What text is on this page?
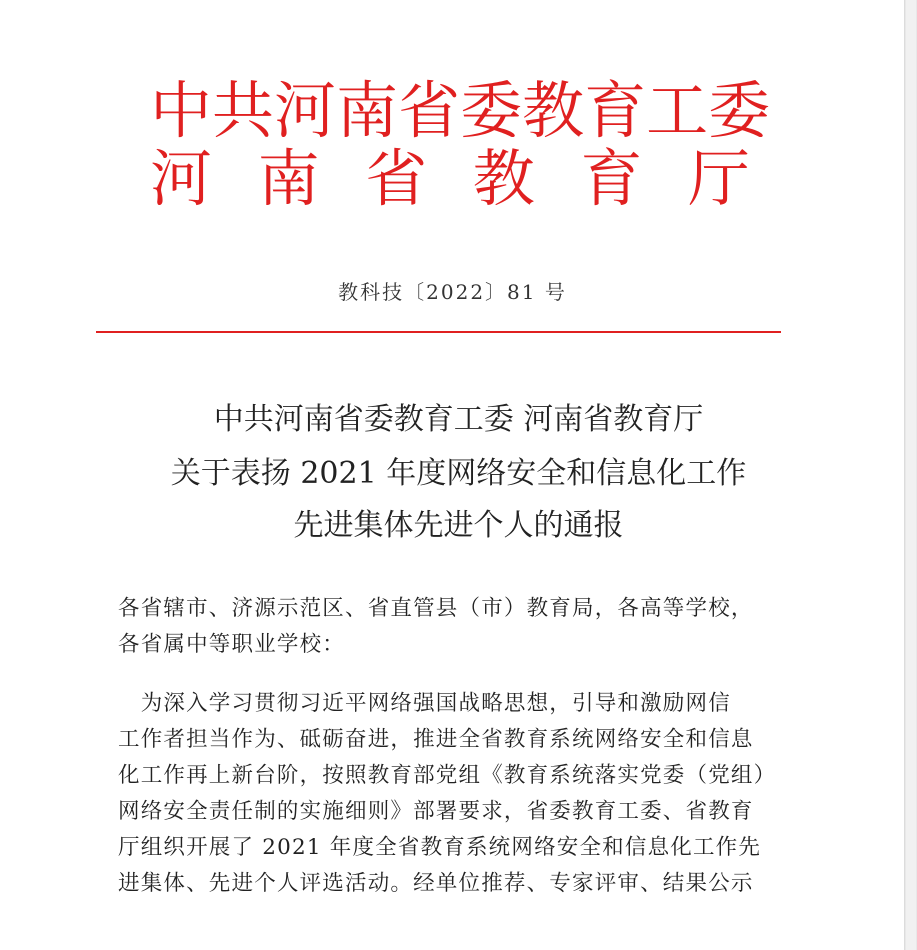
中 共 河 南 省 委 教 育 工 委
河 南 省 教 育 厅
教科技〔2022〕81 号
中共河南省委教育工委 河南省教育厅
关于表扬 2021 年度网络安全和信息化工作
先进集体先进个人的通报
各省辖市、济源示范区、省直管县（市）教育局，各高等学校，
各省属中等职业学校：
　为深入学习贯彻习近平网络强国战略思想，引导和激励网信
工作者担当作为、砥砺奋进，推进全省教育系统网络安全和信息
化工作再上新台阶，按照教育部党组《教育系统落实党委（党组）
网络安全责任制的实施细则》部署要求，省委教育工委、省教育
厅组织开展了 2021 年度全省教育系统网络安全和信息化工作先
进集体、先进个人评选活动。经单位推荐、专家评审、结果公示
